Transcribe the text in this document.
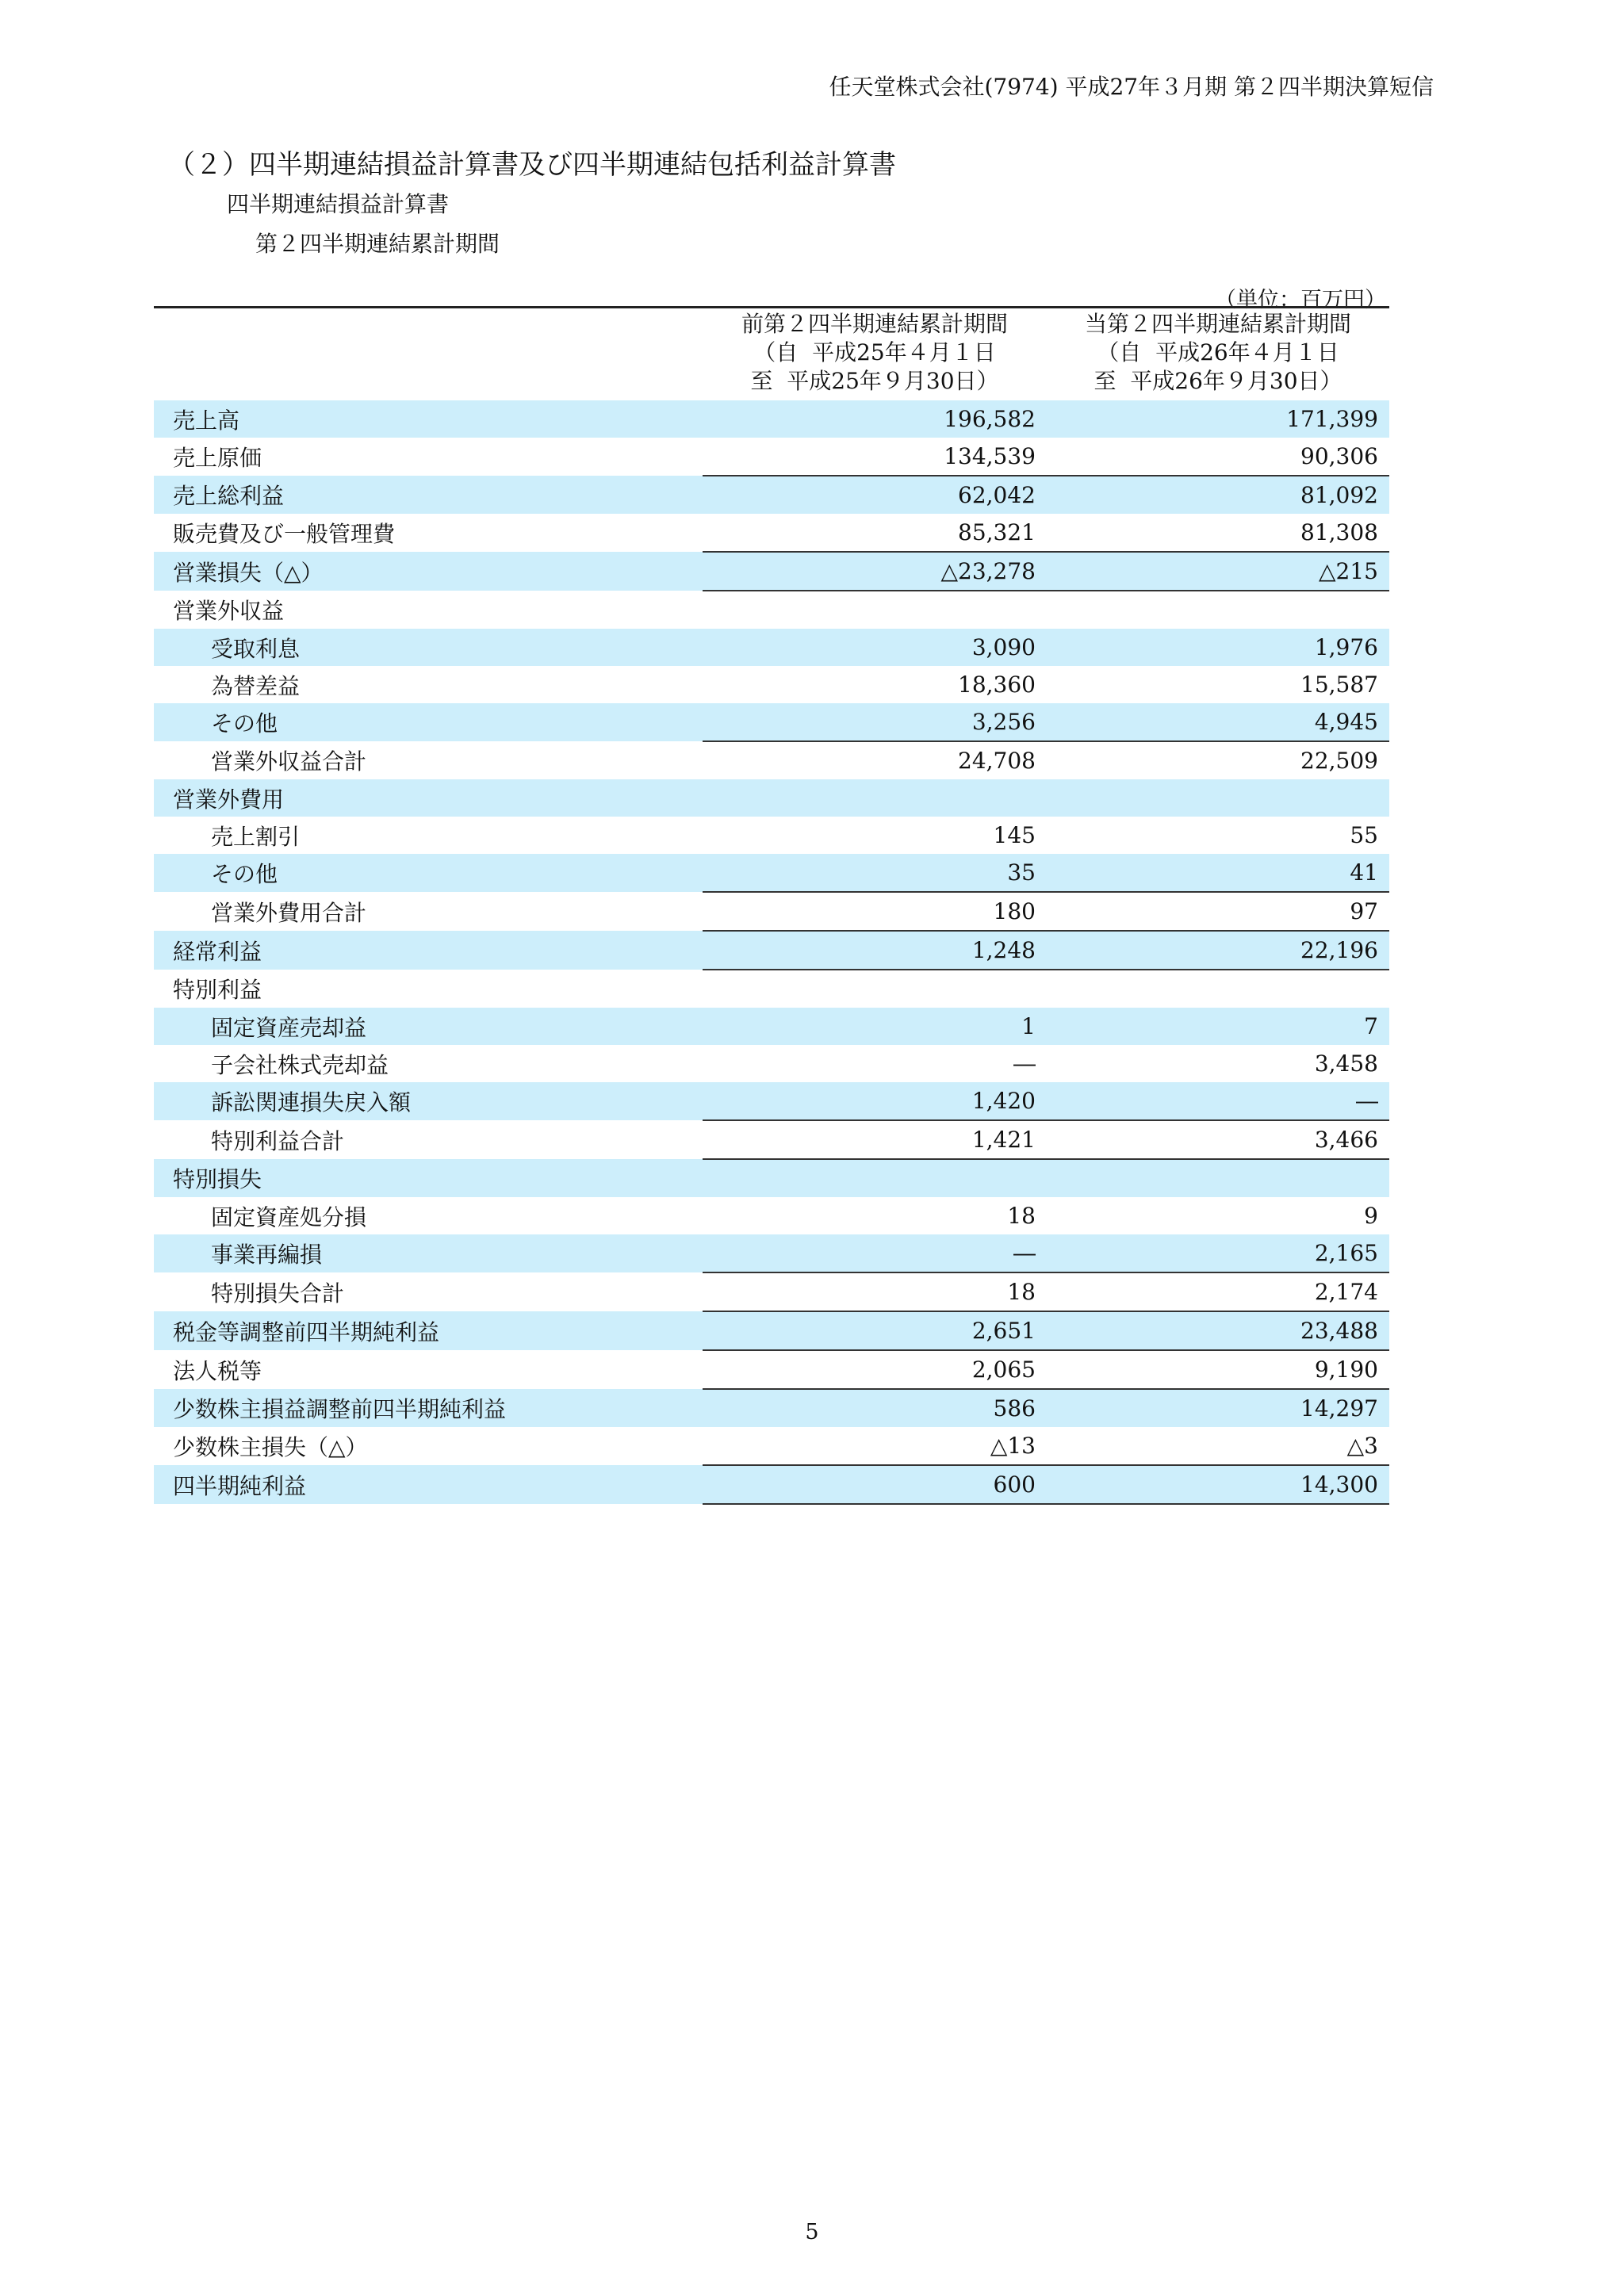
任天堂株式会社(7974) 平成27年３月期 第２四半期決算短信
（２）四半期連結損益計算書及び四半期連結包括利益計算書
四半期連結損益計算書
第２四半期連結累計期間
（単位：百万円）

	前第２四半期連結累計期間
（自  平成25年４月１日
至  平成25年９月30日）	当第２四半期連結累計期間
（自  平成26年４月１日
至  平成26年９月30日）

売上高	196,582	171,399
売上原価	134,539	90,306
売上総利益	62,042	81,092
販売費及び一般管理費	85,321	81,308
営業損失（△）	△23,278	△215
営業外収益		
受取利息	3,090	1,976
為替差益	18,360	15,587
その他	3,256	4,945
営業外収益合計	24,708	22,509
営業外費用		
売上割引	145	55
その他	35	41
営業外費用合計	180	97
経常利益	1,248	22,196
特別利益		
固定資産売却益	1	7
子会社株式売却益	―	3,458
訴訟関連損失戻入額	1,420	―
特別利益合計	1,421	3,466
特別損失		
固定資産処分損	18	9
事業再編損	―	2,165
特別損失合計	18	2,174
税金等調整前四半期純利益	2,651	23,488
法人税等	2,065	9,190
少数株主損益調整前四半期純利益	586	14,297
少数株主損失（△）	△13	△3
四半期純利益	600	14,300
5
